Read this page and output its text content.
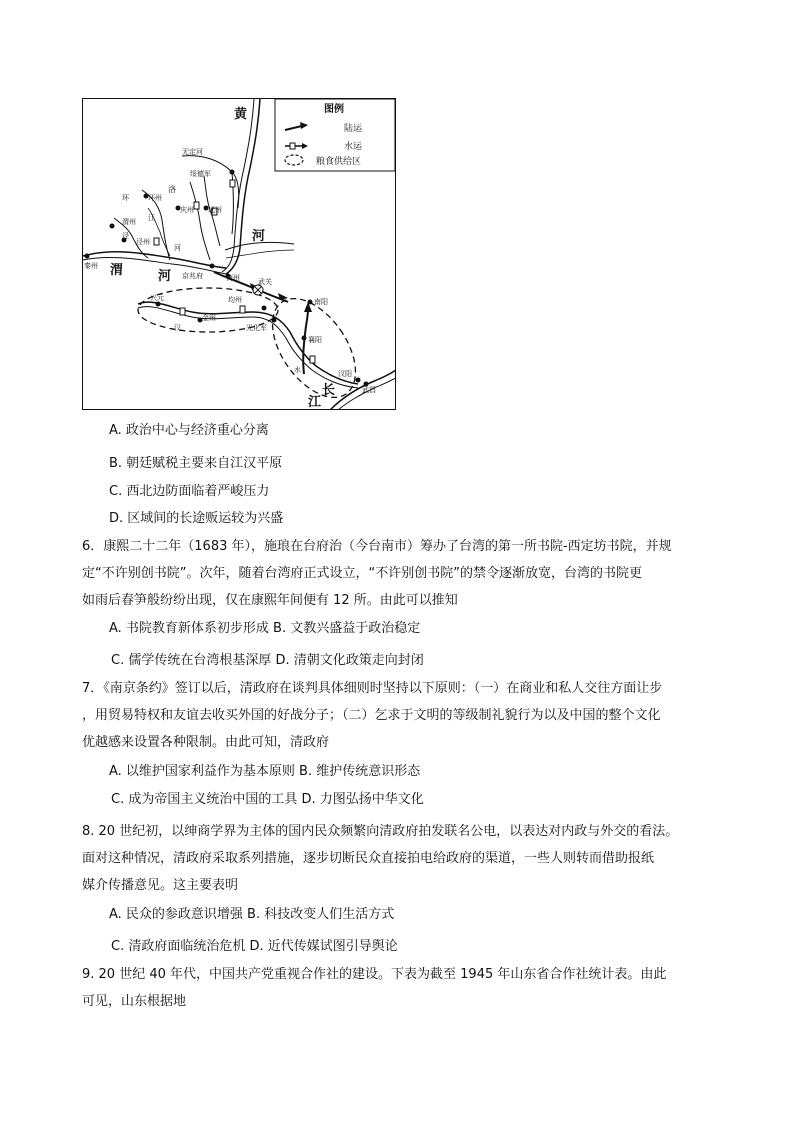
图例
陆运
水运
粮食供给区
黄
河
渭	河
长
江
无定河
绥德军
洛
环	环州
庆州 延州
渭州 江
泾
泾州
河
秦州
京兆府	商州	武关
均州	南阳
兴元
金州
汉	光化军
襄阳
水	汉阳
武昌
A. 政治中心与经济重心分离
B. 朝廷赋税主要来自江汉平原
C. 西北边防面临着严峻压力
D. 区域间的长途贩运较为兴盛
6．康熙二十二年（1683 年），施琅在台府治（今台南市）筹办了台湾的第一所书院-西定坊书院，并规
定“不许别创书院”。次年，随着台湾府正式设立，“不许别创书院”的禁令逐渐放宽，台湾的书院更
如雨后春笋般纷纷出现，仅在康熙年间便有 12 所。由此可以推知
A. 书院教育新体系初步形成 B. 文教兴盛益于政治稳定
C. 儒学传统在台湾根基深厚 D. 清朝文化政策走向封闭
7．《南京条约》签订以后，清政府在谈判具体细则时坚持以下原则：（一）在商业和私人交往方面让步
，用贸易特权和友谊去收买外国的好战分子；（二）乞求于文明的等级制礼貌行为以及中国的整个文化
优越感来设置各种限制。由此可知，清政府
A. 以维护国家利益作为基本原则 B. 维护传统意识形态
C. 成为帝国主义统治中国的工具 D. 力图弘扬中华文化
8. 20 世纪初，以绅商学界为主体的国内民众频繁向清政府拍发联名公电，以表达对内政与外交的看法。
面对这种情况，清政府采取系列措施，逐步切断民众直接拍电给政府的渠道，一些人则转而借助报纸
媒介传播意见。这主要表明
A. 民众的参政意识增强 B. 科技改变人们生活方式
C. 清政府面临统治危机 D. 近代传媒试图引导舆论
9. 20 世纪 40 年代，中国共产党重视合作社的建设。下表为截至 1945 年山东省合作社统计表。由此
可见，山东根据地
